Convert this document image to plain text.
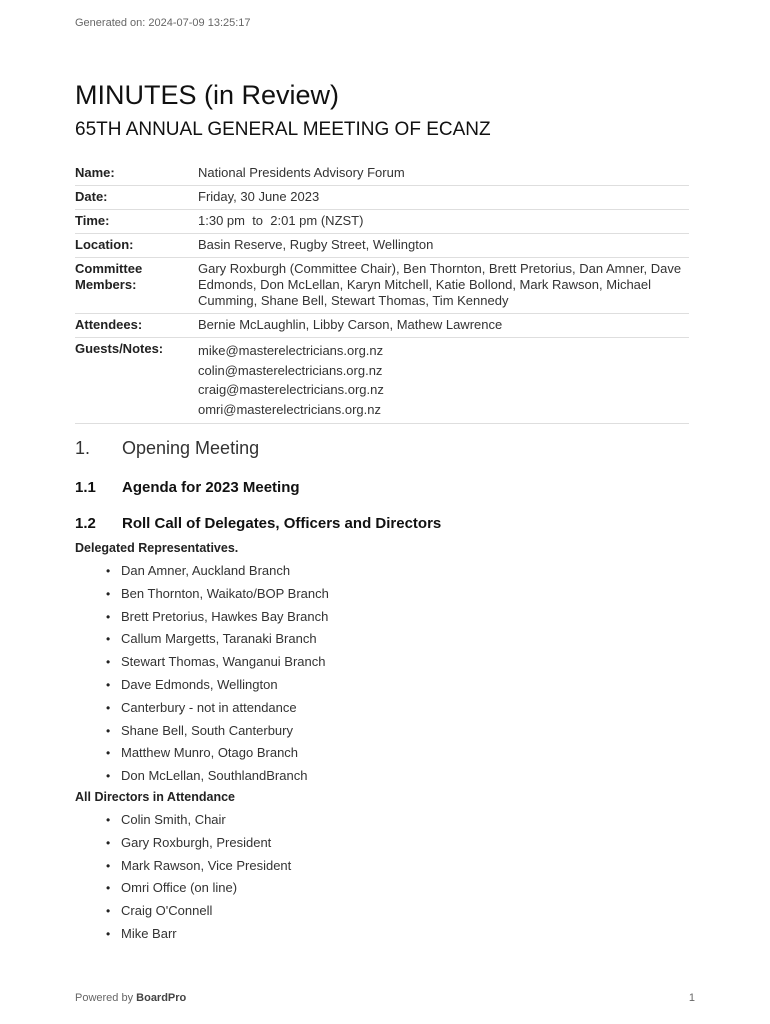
Generated on: 2024-07-09 13:25:17
MINUTES (in Review)
65TH ANNUAL GENERAL MEETING OF ECANZ
Name:	National Presidents Advisory Forum
Date:	Friday, 30 June 2023
Time:	1:30 pm  to  2:01 pm (NZST)
Location:	Basin Reserve, Rugby Street, Wellington
Committee
Members:	Gary Roxburgh (Committee Chair), Ben Thornton, Brett Pretorius, Dan Amner, Dave Edmonds, Don McLellan, Karyn Mitchell, Katie Bollond, Mark Rawson, Michael Cumming, Shane Bell, Stewart Thomas, Tim Kennedy
Attendees:	Bernie McLaughlin, Libby Carson, Mathew Lawrence
Guests/Notes:	mike@masterelectricians.org.nz
colin@masterelectricians.org.nz
craig@masterelectricians.org.nz
omri@masterelectricians.org.nz
1. Opening Meeting
1.1 Agenda for 2023 Meeting
1.2 Roll Call of Delegates, Officers and Directors
Delegated Representatives.
• Dan Amner, Auckland Branch
• Ben Thornton, Waikato/BOP Branch
• Brett Pretorius, Hawkes Bay Branch
• Callum Margetts, Taranaki Branch
• Stewart Thomas, Wanganui Branch
• Dave Edmonds, Wellington
• Canterbury - not in attendance
• Shane Bell, South Canterbury
• Matthew Munro, Otago Branch
• Don McLellan, SouthlandBranch
All Directors in Attendance
• Colin Smith, Chair
• Gary Roxburgh, President
• Mark Rawson, Vice President
• Omri Office (on line)
• Craig O'Connell
• Mike Barr
Powered by BoardPro	1
